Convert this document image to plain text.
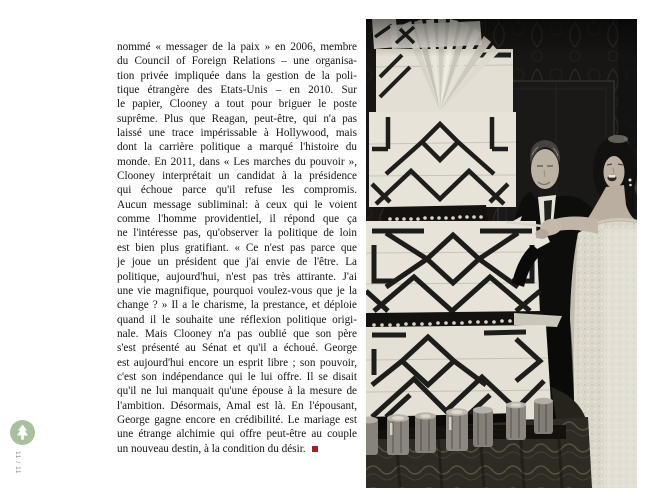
nommé « messager de la paix » en 2006, membre
du Council of Foreign Relations – une organisa-
tion privée impliquée dans la gestion de la poli-
tique étrangère des Etats-Unis – en 2010. Sur
le papier, Clooney a tout pour briguer le poste
suprême. Plus que Reagan, peut-être, qui n'a pas
laissé une trace impérissable à Hollywood, mais
dont la carrière politique a marqué l'histoire du
monde. En 2011, dans « Les marches du pouvoir »,
Clooney interprétait un candidat à la présidence
qui échoue parce qu'il refuse les compromis.
Aucun message subliminal: à ceux qui le voient
comme l'homme providentiel, il répond que ça
ne l'intéresse pas, qu'observer la politique de loin
est bien plus gratifiant. « Ce n'est pas parce que
je joue un président que j'ai envie de l'être. La
politique, aujourd'hui, n'est pas très attirante. J'ai
une vie magnifique, pourquoi voulez-vous que je la
change ? » Il a le charisme, la prestance, et déploie
quand il le souhaite une réflexion politique origi-
nale. Mais Clooney n'a pas oublié que son père
s'est présenté au Sénat et qu'il a échoué. George
est aujourd'hui encore un esprit libre ; son pouvoir,
c'est son indépendance qui le lui offre. Il se disait
qu'il ne lui manquait qu'une épouse à la mesure de
l'ambition. Désormais, Amal est là. En l'épousant,
George gagne encore en crédibilité. Le mariage est
une étrange alchimie qui offre peut-être au couple
un nouveau destin, à la condition du désir.
11 / 11
